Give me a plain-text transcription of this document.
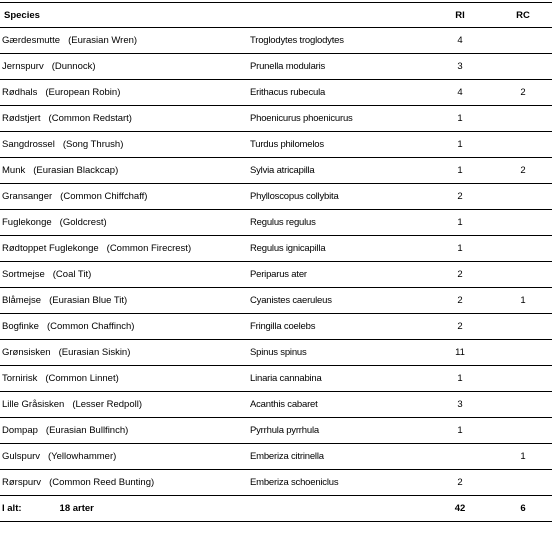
Species		RI	RC
Gærdesmutte (Eurasian Wren)	Troglodytes troglodytes	4	
Jernspurv (Dunnock)	Prunella modularis	3	
Rødhals (European Robin)	Erithacus rubecula	4	2
Rødstjert (Common Redstart)	Phoenicurus phoenicurus	1	
Sangdrossel (Song Thrush)	Turdus philomelos	1	
Munk (Eurasian Blackcap)	Sylvia atricapilla	1	2
Gransanger (Common Chiffchaff)	Phylloscopus collybita	2	
Fuglekonge (Goldcrest)	Regulus regulus	1	
Rødtoppet Fuglekonge (Common Firecrest)	Regulus ignicapilla	1	
Sortmejse (Coal Tit)	Periparus ater	2	
Blåmejse (Eurasian Blue Tit)	Cyanistes caeruleus	2	1
Bogfinke (Common Chaffinch)	Fringilla coelebs	2	
Grønsisken (Eurasian Siskin)	Spinus spinus	11	
Tornirisk (Common Linnet)	Linaria cannabina	1	
Lille Gråsisken (Lesser Redpoll)	Acanthis cabaret	3	
Dompap (Eurasian Bullfinch)	Pyrrhula pyrrhula	1	
Gulspurv (Yellowhammer)	Emberiza citrinella		1
Rørspurv (Common Reed Bunting)	Emberiza schoeniclus	2	
I alt: 18 arter		42	6
